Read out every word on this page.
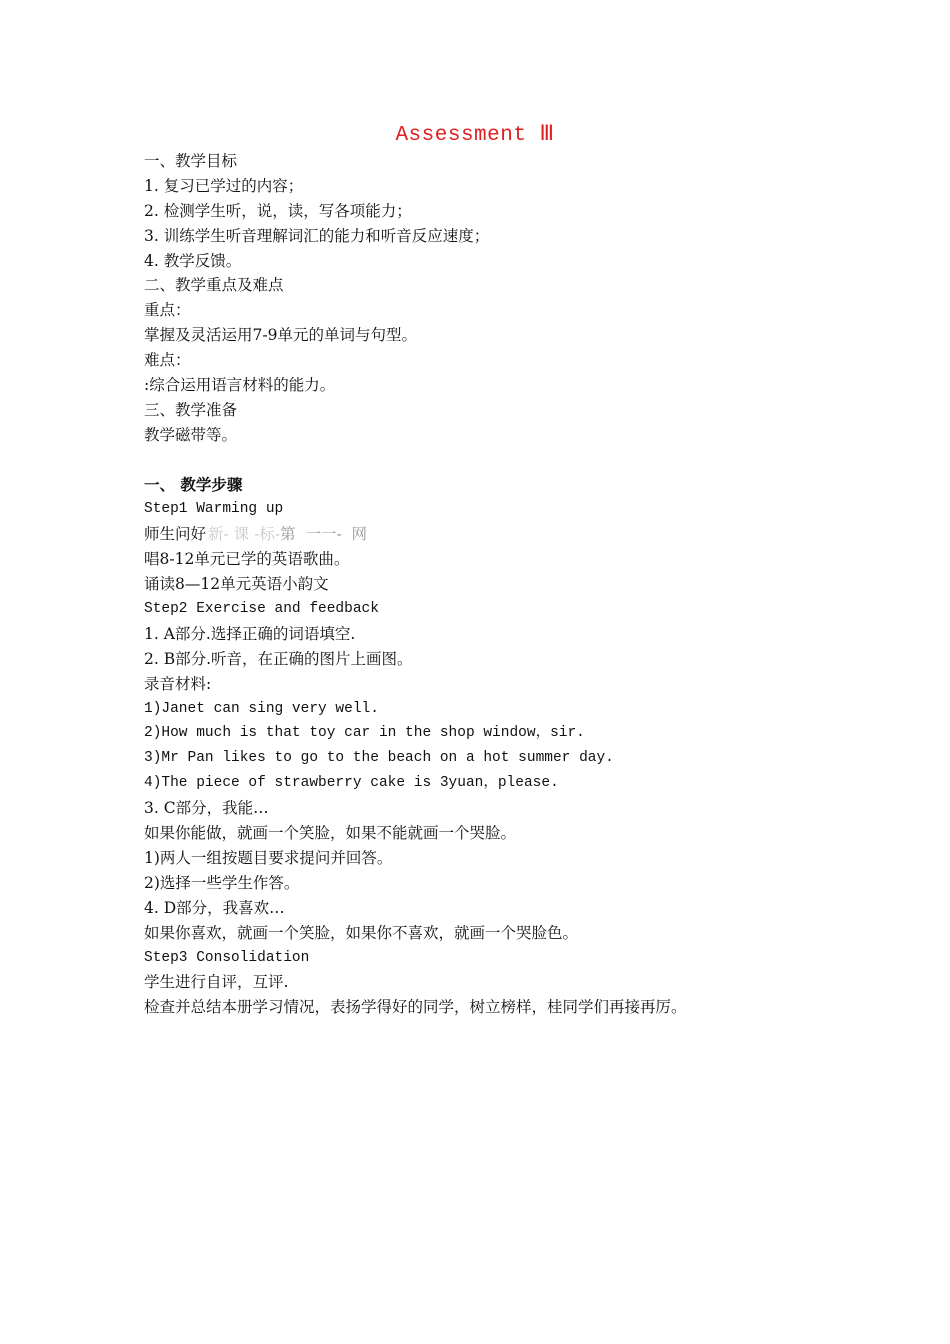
Assessment Ⅲ
一、教学目标
1. 复习已学过的内容；
2. 检测学生听，说，读，写各项能力；
3. 训练学生听音理解词汇的能力和听音反应速度；
4. 教学反馈。
二、教学重点及难点
重点：
掌握及灵活运用7-9单元的单词与句型。
难点：
:综合运用语言材料的能力。
三、教学准备
教学磁带等。
一、 教学步骤
Step1 Warming up
师生问好 新- 课 -标-第  一一-  网
唱8-12单元已学的英语歌曲。
诵读8—12单元英语小韵文
Step2 Exercise and feedback
1. A部分.选择正确的词语填空.
2. B部分.听音，在正确的图片上画图。
录音材料:
1)Janet can sing very well.
2)How much is that toy car in the shop window，sir.
3)Mr Pan likes to go to the beach on a hot summer day.
4)The piece of strawberry cake is 3yuan，please.
3. C部分，我能…
如果你能做，就画一个笑脸，如果不能就画一个哭脸。
1)两人一组按题目要求提问并回答。
2)选择一些学生作答。
4. D部分，我喜欢…
如果你喜欢，就画一个笑脸，如果你不喜欢，就画一个哭脸色。
Step3 Consolidation
学生进行自评，互评.
检查并总结本册学习情况，表扬学得好的同学，树立榜样，桂同学们再接再厉。
